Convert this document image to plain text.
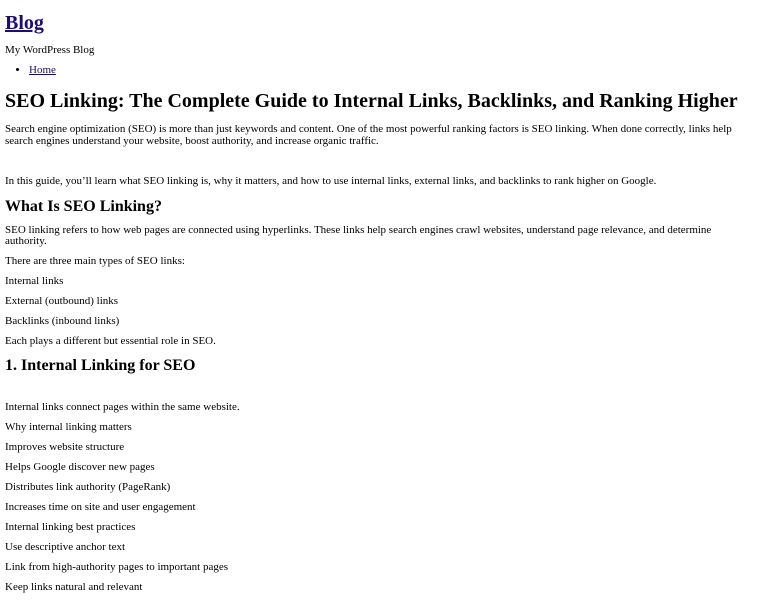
Blog
My WordPress Blog
• Home
SEO Linking: The Complete Guide to Internal Links, Backlinks, and Ranking Higher

Search engine optimization (SEO) is more than just keywords and content. One of the most powerful ranking factors is SEO linking. When done correctly, links help search engines understand your website, boost authority, and increase organic traffic.

In this guide, you’ll learn what SEO linking is, why it matters, and how to use internal links, external links, and backlinks to rank higher on Google.

What Is SEO Linking?

SEO linking refers to how web pages are connected using hyperlinks. These links help search engines crawl websites, understand page relevance, and determine authority.

There are three main types of SEO links:

Internal links

External (outbound) links

Backlinks (inbound links)

Each plays a different but essential role in SEO.

1. Internal Linking for SEO

Internal links connect pages within the same website.

Why internal linking matters

Improves website structure

Helps Google discover new pages

Distributes link authority (PageRank)

Increases time on site and user engagement

Internal linking best practices

Use descriptive anchor text

Link from high-authority pages to important pages

Keep links natural and relevant
